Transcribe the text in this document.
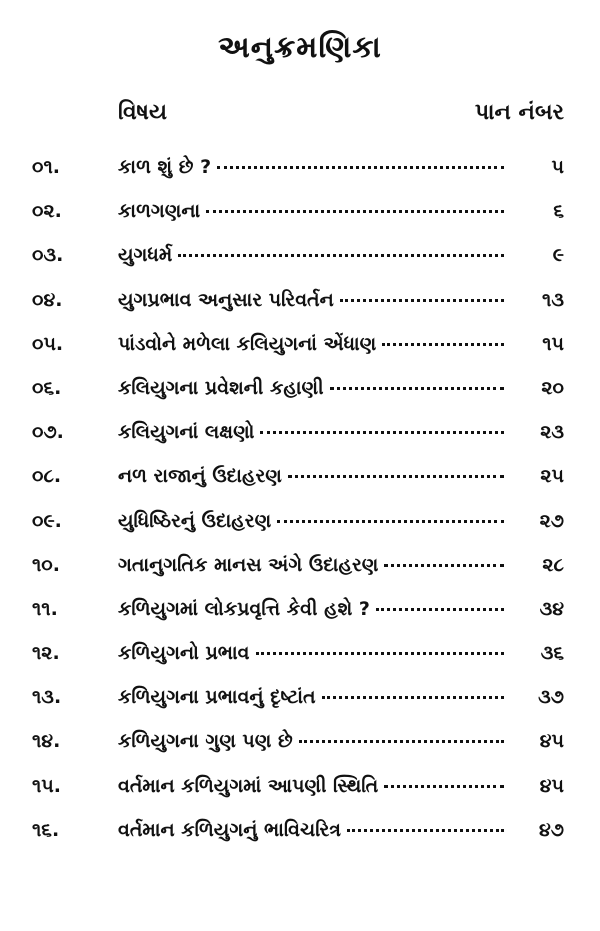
અનુક્રમણિકા
વિષય	પાન નંબર
૦૧.	કાળ શું છે ?	૫
૦૨.	કાળગણના	૬
૦૩.	યુગધર્મ	૯
૦૪.	યુગપ્રભાવ અનુસાર પરિવર્તન	૧૩
૦૫.	પાંડવોને મળેલા કલિયુગનાં એંધાણ	૧૫
૦૬.	કલિયુગના પ્રવેશની કહાણી	૨૦
૦૭.	કલિયુગનાં લક્ષણો	૨૩
૦૮.	નળ રાજાનું ઉદાહરણ	૨૫
૦૯.	યુધિષ્ઠિરનું ઉદાહરણ	૨૭
૧૦.	ગતાનુગતિક માનસ અંગે ઉદાહરણ	૨૮
૧૧.	કળિયુગમાં લોકપ્રવૃત્તિ કેવી હશે ?	૩૪
૧૨.	કળિયુગનો પ્રભાવ	૩૬
૧૩.	કળિયુગના પ્રભાવનું દૃષ્ટાંત	૩૭
૧૪.	કળિયુગના ગુણ પણ છે	૪૫
૧૫.	વર્તમાન કળિયુગમાં આપણી સ્થિતિ	૪૫
૧૬.	વર્તમાન કળિયુગનું ભાવિચરિત્ર	૪૭
